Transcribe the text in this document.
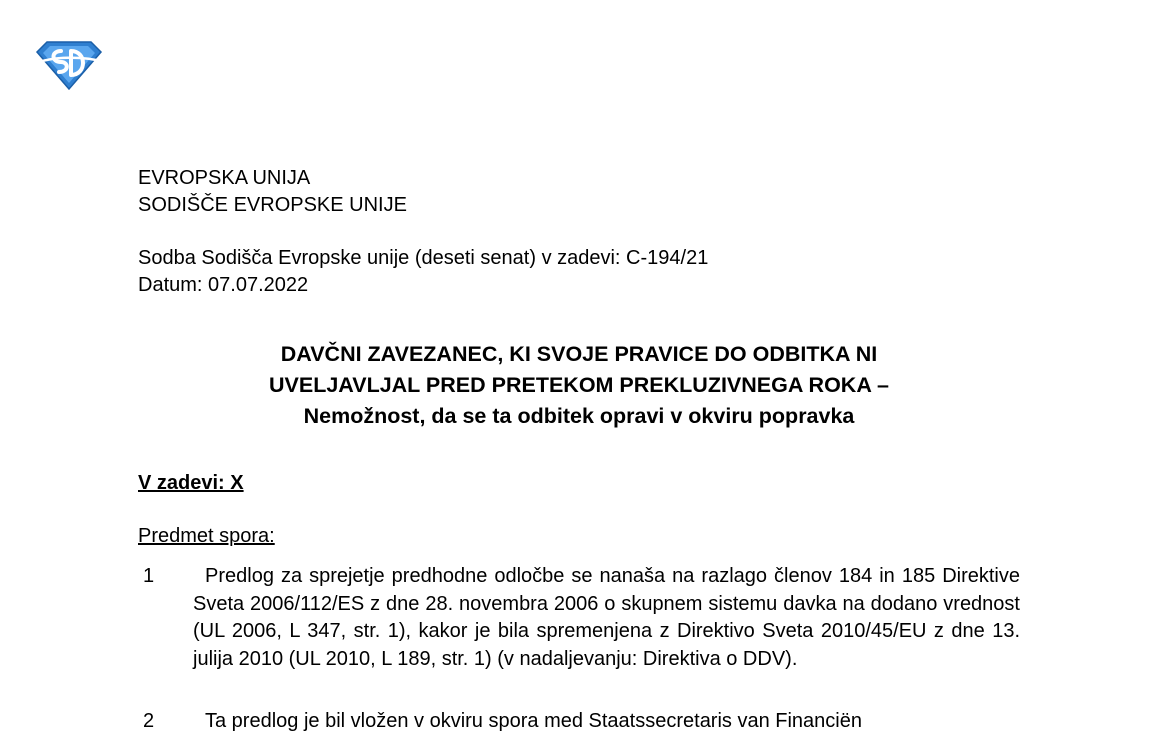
EVROPSKA UNIJA
SODIŠČE EVROPSKE UNIJE
Sodba Sodišča Evropske unije (deseti senat) v zadevi: C-194/21
Datum: 07.07.2022
DAVČNI ZAVEZANEC, KI SVOJE PRAVICE DO ODBITKA NI
UVELJAVLJAL PRED PRETEKOM PREKLUZIVNEGA ROKA –
Nemožnost, da se ta odbitek opravi v okviru popravka
V zadevi: X
Predmet spora:
1	Predlog za sprejetje predhodne odločbe se nanaša na razlago členov 184 in 185 Direktive Sveta 2006/112/ES z dne 28. novembra 2006 o skupnem sistemu davka na dodano vrednost (UL 2006, L 347, str. 1), kakor je bila spremenjena z Direktivo Sveta 2010/45/EU z dne 13. julija 2010 (UL 2010, L 189, str. 1) (v nadaljevanju: Direktiva o DDV).
2	Ta predlog je bil vložen v okviru spora med Staatssecretaris van Financiën
